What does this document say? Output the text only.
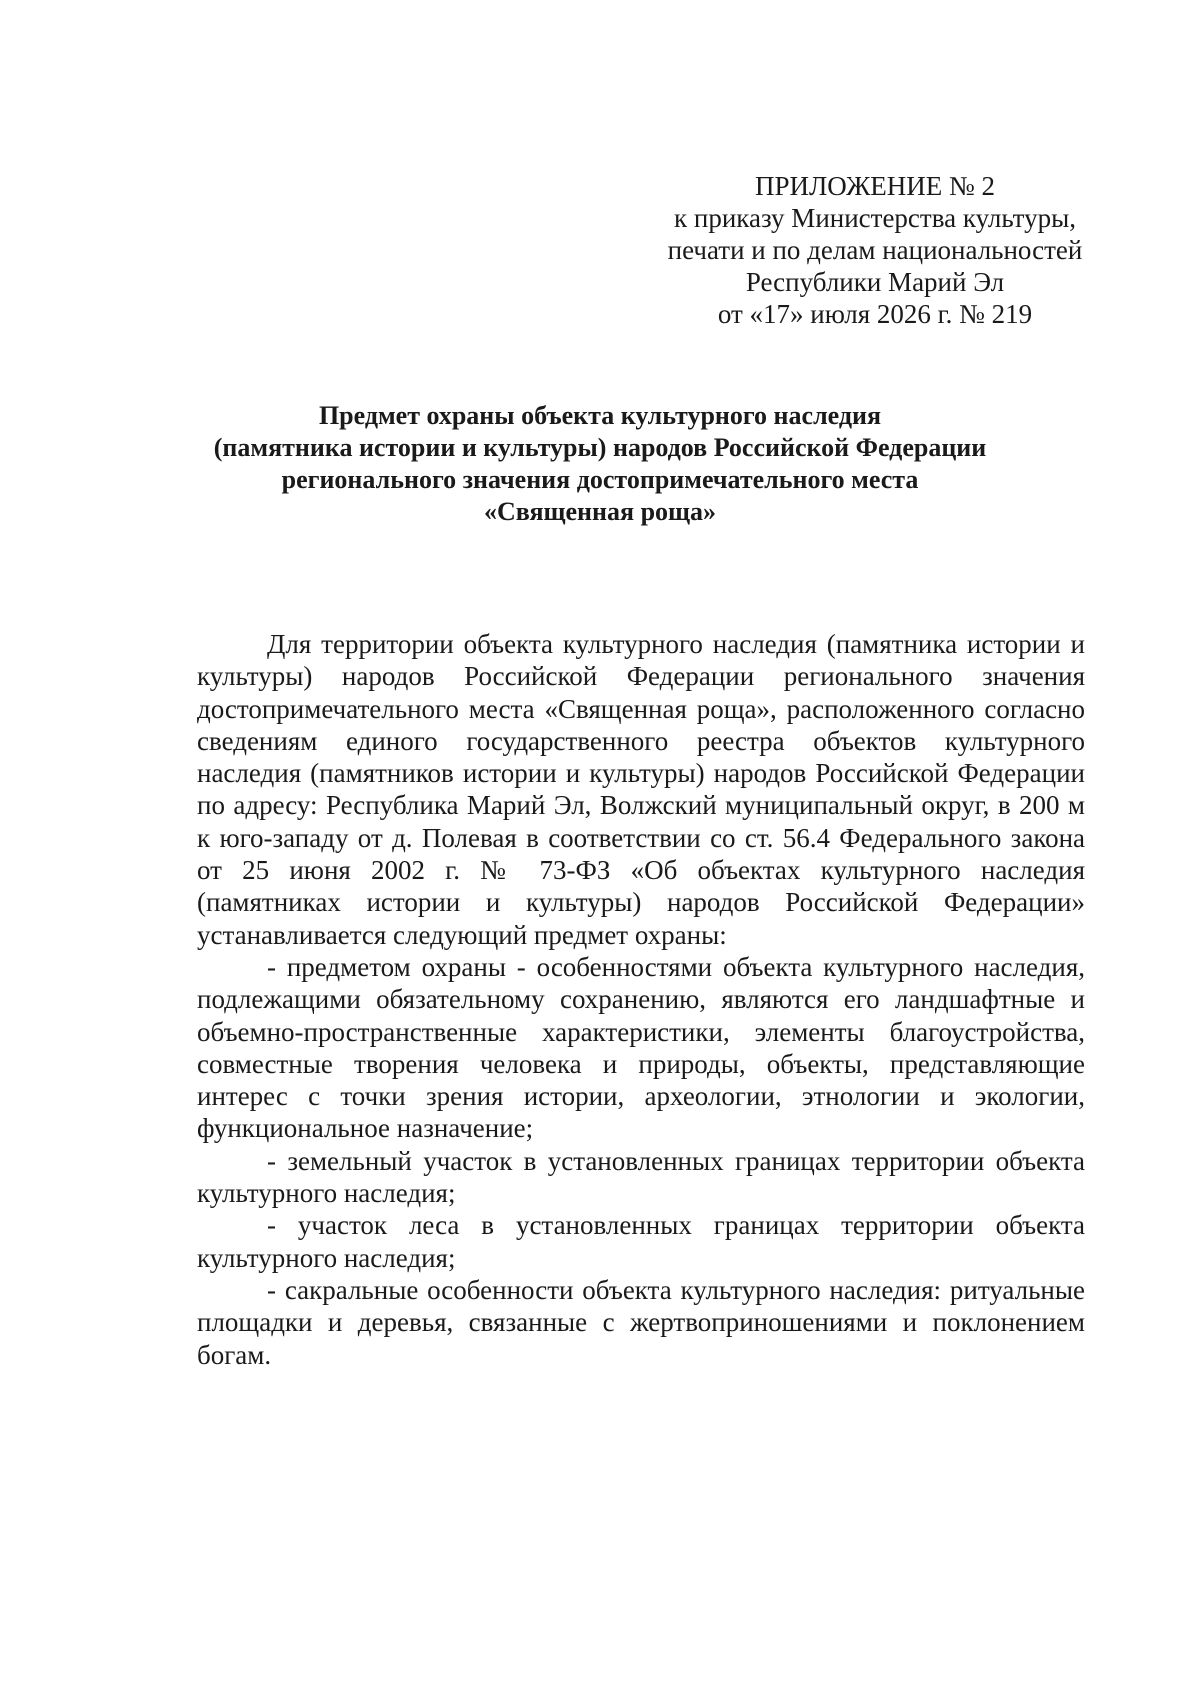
ПРИЛОЖЕНИЕ № 2
к приказу Министерства культуры,
печати и по делам национальностей
Республики Марий Эл
от «17» июля 2026 г. № 219
Предмет охраны объекта культурного наследия
(памятника истории и культуры) народов Российской Федерации
регионального значения достопримечательного места
«Священная роща»

Для территории объекта культурного наследия (памятника истории и культуры) народов Российской Федерации регионального значения достопримечательного места «Священная роща», расположенного согласно сведениям единого государственного реестра объектов культурного наследия (памятников истории и культуры) народов Российской Федерации по адресу: Республика Марий Эл, Волжский муниципальный округ, в 200 м к юго-западу от д. Полевая в соответствии со ст. 56.4 Федерального закона от 25 июня 2002 г. № 73-ФЗ «Об объектах культурного наследия (памятниках истории и культуры) народов Российской Федерации» устанавливается следующий предмет охраны:

- предметом охраны - особенностями объекта культурного наследия, подлежащими обязательному сохранению, являются его ландшафтные и объемно-пространственные характеристики, элементы благоустройства, совместные творения человека и природы, объекты, представляющие интерес с точки зрения истории, археологии, этнологии и экологии, функциональное назначение;

- земельный участок в установленных границах территории объекта культурного наследия;

- участок леса в установленных границах территории объекта культурного наследия;

- сакральные особенности объекта культурного наследия: ритуальные площадки и деревья, связанные с жертвоприношениями и поклонением богам.
